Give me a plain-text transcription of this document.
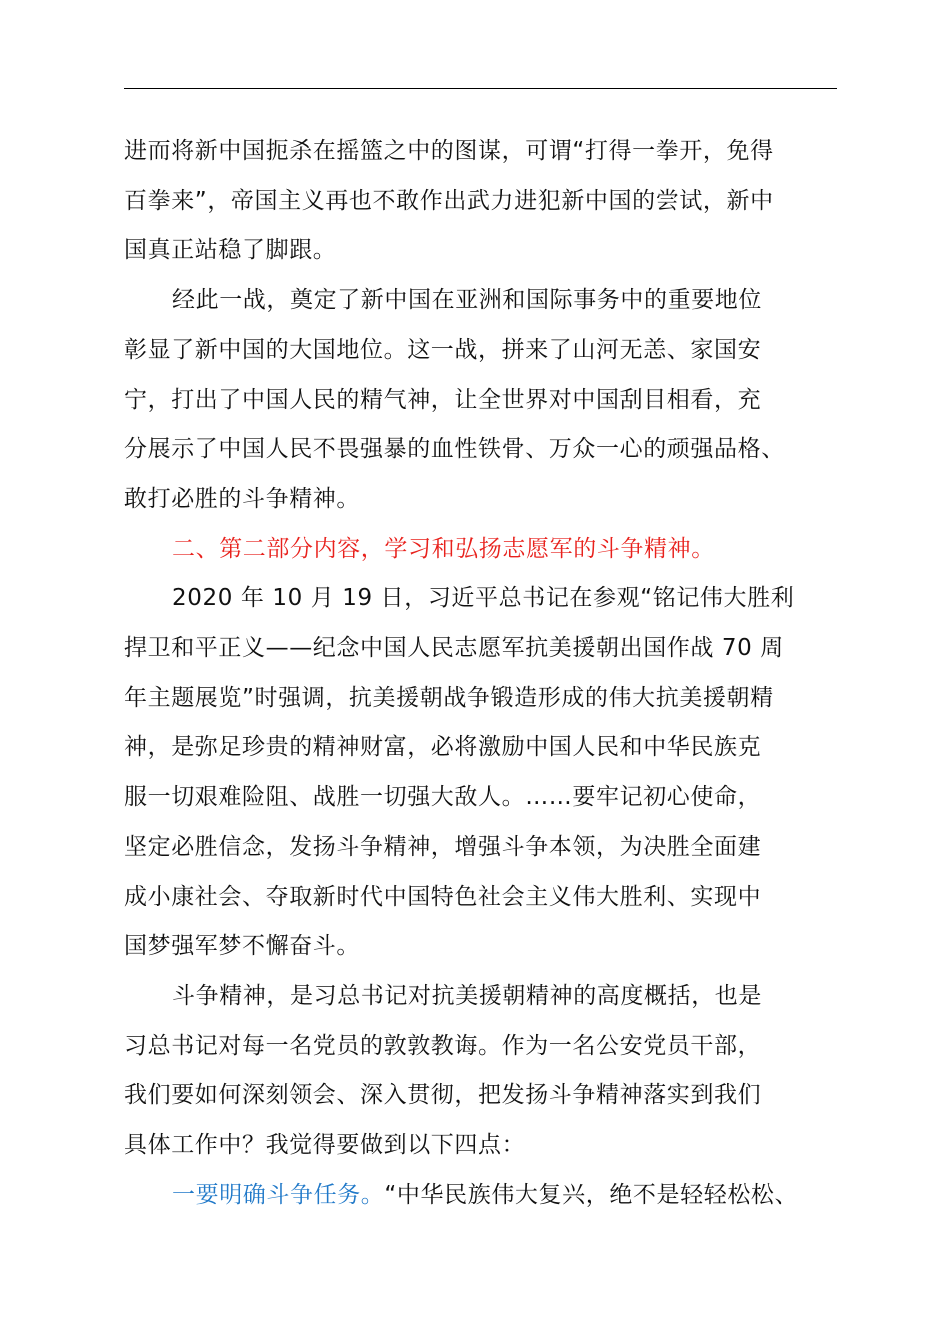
进而将新中国扼杀在摇篮之中的图谋，可谓“打得一拳开，免得
百拳来”，帝国主义再也不敢作出武力进犯新中国的尝试，新中
国真正站稳了脚跟。

经此一战，奠定了新中国在亚洲和国际事务中的重要地位
彰显了新中国的大国地位。这一战，拼来了山河无恙、家国安
宁，打出了中国人民的精气神，让全世界对中国刮目相看，充
分展示了中国人民不畏强暴的血性铁骨、万众一心的顽强品格、
敢打必胜的斗争精神。

二、第二部分内容，学习和弘扬志愿军的斗争精神。

2020 年 10 月 19 日，习近平总书记在参观“铭记伟大胜利
捍卫和平正义——纪念中国人民志愿军抗美援朝出国作战 70 周
年主题展览”时强调，抗美援朝战争锻造形成的伟大抗美援朝精
神，是弥足珍贵的精神财富，必将激励中国人民和中华民族克
服一切艰难险阻、战胜一切强大敌人。……要牢记初心使命，
坚定必胜信念，发扬斗争精神，增强斗争本领，为决胜全面建
成小康社会、夺取新时代中国特色社会主义伟大胜利、实现中
国梦强军梦不懈奋斗。

斗争精神，是习总书记对抗美援朝精神的高度概括，也是
习总书记对每一名党员的敦敦教诲。作为一名公安党员干部，
我们要如何深刻领会、深入贯彻，把发扬斗争精神落实到我们
具体工作中？我觉得要做到以下四点：

一要明确斗争任务。“中华民族伟大复兴，绝不是轻轻松松、
